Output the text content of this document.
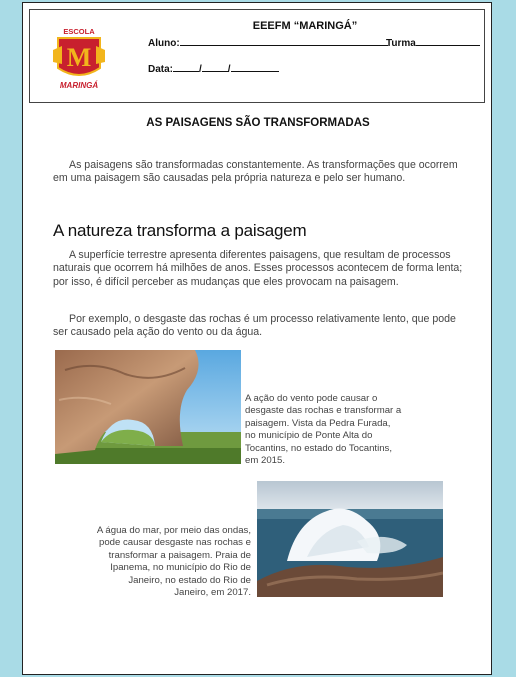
ESCOLA
M
MARINGÁ
EEEFM “MARINGÁ”
Aluno:	Turma
Data:	/	/
AS PAISAGENS SÃO TRANSFORMADAS
As paisagens são transformadas constantemente. As transformações que ocorrem em uma paisagem são causadas pela própria natureza e pelo ser humano.
A natureza transforma a paisagem
A superfície terrestre apresenta diferentes paisagens, que resultam de processos naturais que ocorrem há milhões de anos. Esses processos acontecem de forma lenta; por isso, é difícil perceber as mudanças que eles provocam na paisagem.
Por exemplo, o desgaste das rochas é um processo relativamente lento, que pode ser causado pela ação do vento ou da água.
A ação do vento pode causar o desgaste das rochas e transformar a paisagem. Vista da Pedra Furada, no município de Ponte Alta do Tocantins, no estado do Tocantins, em 2015.
A água do mar, por meio das ondas, pode causar desgaste nas rochas e transformar a paisagem. Praia de Ipanema, no município do Rio de Janeiro, no estado do Rio de Janeiro, em 2017.
